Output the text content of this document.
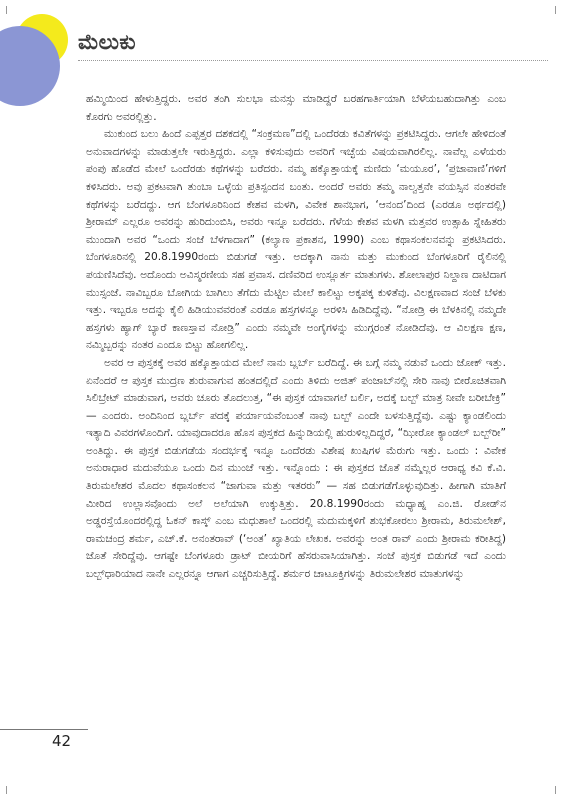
ಮೆಲುಕು

ಹಮ್ಮಿಯಿಂದ ಹೇಳುತ್ತಿದ್ದರು. ಅವರ ತಂಗಿ ಸುಲಭಾ ಮನಸ್ಸು ಮಾಡಿದ್ದರೆ ಬರಹಗಾರ್ತಿಯಾಗಿ ಬೆಳೆಯಬಹುದಾಗಿತ್ತು ಎಂಬ ಕೊರಗು ಅವರಲ್ಲಿತ್ತು.

ಮುಕುಂದ ಬಲು ಹಿಂದೆ ಎಪ್ಪತ್ತರ ದಶಕದಲ್ಲಿ “ಸಂಕ್ರಮಣ”ದಲ್ಲಿ ಒಂದೆರಡು ಕವಿತೆಗಳನ್ನು ಪ್ರಕಟಿಸಿದ್ದರು. ಆಗಲೇ ಹೇಳಿದಂತೆ ಅನುವಾದಗಳನ್ನು ಮಾಡುತ್ತಲೇ ಇರುತ್ತಿದ್ದರು. ಎಲ್ಲಾ ಕಳಿಸುವುದು ಅವರಿಗೆ ಇಚ್ಛೆಯ ವಿಷಯವಾಗಿರಲಿಲ್ಲ. ನಾವೆಲ್ಲ ಎಳೆಯರು ಪಂಪು ಹೊಡೆದ ಮೇಲೆ ಒಂದೆರಡು ಕಥೆಗಳನ್ನು ಬರೆದರು. ನಮ್ಮ ಹಕ್ಕೊತ್ತಾಯಕ್ಕೆ ಮಣಿದು ‘ಮಯೂರ’, ‘ಪ್ರಜಾವಾಣಿ’ಗಳಿಗೆ ಕಳಿಸಿದರು. ಅವು ಪ್ರಕಟವಾಗಿ ತುಂಬಾ ಒಳ್ಳೆಯ ಪ್ರತಿಸ್ಪಂದನ ಬಂತು. ಅಂದರೆ ಅವರು ತಮ್ಮ ನಾಲ್ವತ್ತನೇ ವಯಸ್ಸಿನ ನಂತರವೇ ಕಥೆಗಳನ್ನು ಬರೆದದ್ದು. ಆಗ ಬೆಂಗಳೂರಿನಿಂದ ಕೇಶವ ಮಳಗಿ, ವಿವೇಕ ಶಾನಭಾಗ, ‘ಆನಂದ’ದಿಂದ (ಎರಡೂ ಅರ್ಥದಲ್ಲಿ) ಶ್ರೀರಾಮ್ ಎಲ್ಲರೂ ಅವರನ್ನು ಹುರಿದುಂಬಿಸಿ, ಅವರು ಇನ್ನೂ ಬರೆದರು. ಗೆಳೆಯ ಕೇಶವ ಮಳಗಿ ಮತ್ತವರ ಉತ್ಸಾಹಿ ಸ್ನೇಹಿತರು ಮುಂದಾಗಿ ಅವರ “ಒಂದು ಸಂಜೆ ಬೆಳಗಾದಾಗ” (ಕಲ್ಯಾಣ ಪ್ರಕಾಶನ, 1990) ಎಂಬ ಕಥಾಸಂಕಲನವನ್ನು ಪ್ರಕಟಿಸಿದರು. ಬೆಂಗಳೂರಿನಲ್ಲಿ 20.8.1990ರಂದು ಬಿಡುಗಡೆ ಇತ್ತು. ಅದಕ್ಕಾಗಿ ನಾನು ಮತ್ತು ಮುಕುಂದ ಬೆಂಗಳೂರಿಗೆ ರೈಲಿನಲ್ಲಿ ಪಯಣಿಸಿದೆವು. ಅದೊಂದು ಅವಿಸ್ಮರಣೀಯ ಸಹ ಪ್ರವಾಸ. ದಣಿವರಿದ ಉಸ್ಲೂರ್ತ ಮಾತುಗಳು. ಶೋಲಾಪುರ ನಿಲ್ದಾಣ ದಾಟಿದಾಗ ಮುಸ್ಸಂಜೆ. ನಾವಿಬ್ಬರೂ ಬೋಗಿಯ ಬಾಗಿಲು ತೆಗೆದು ಮೆಟ್ಟಿಲ ಮೇಲೆ ಕಾಲಿಟ್ಟು ಅಕ್ಕಪಕ್ಕ ಕುಳಿತೆವು. ವಿಲಕ್ಷಣವಾದ ಸಂಜೆ ಬೆಳಕು ಇತ್ತು. ಇಬ್ಬರೂ ಅದನ್ನು ಕೈಲಿ ಹಿಡಿಯುವವರಂತೆ ಎರಡೂ ಹಸ್ತಗಳನ್ನೂ ಅರಳಿಸಿ ಹಿಡಿದಿದ್ದೆವು. “ನೋಡ್ರಿ ಈ ಬೆಳಕಿನಲ್ಲಿ ನಮ್ಮದೇ ಹಸ್ತಗಳು ಹ್ಯಾಗ್ ಬ್ಯಾರೆ ಕಾಣಸ್ತಾವ ನೋಡ್ರಿ” ಎಂದು ನಮ್ಮವೇ ಅಂಗೈಗಳನ್ನು ಮುಗ್ಗರಂತೆ ನೋಡಿದೆವು. ಆ ವಿಲಕ್ಷಣ ಕ್ಷಣ, ನಮ್ಮಿಬ್ಬರನ್ನು ನಂತರ ಎಂದೂ ಬಿಟ್ಟು ಹೋಗಲಿಲ್ಲ.

ಅವರ ಆ ಪುಸ್ತಕಕ್ಕೆ ಅವರ ಹಕ್ಕೊತ್ತಾಯದ ಮೇಲೆ ನಾನು ಬ್ಲರ್ಬ್ ಬರೆದಿದ್ದೆ. ಈ ಬಗ್ಗೆ ನಮ್ಮ ನಡುವೆ ಒಂದು ಜೋಕ್ ಇತ್ತು. ಏನೆಂದರೆ ಆ ಪುಸ್ತಕ ಮುದ್ರಣ ಶುರುವಾಗುವ ಹಂತದಲ್ಲಿದೆ ಎಂದು ತಿಳಿದು ಅಜಿತ್ ಪಂಜಾಬ್‌ನಲ್ಲಿ ಸೇರಿ ನಾವು ಬೀರೊಚಿತವಾಗಿ ಸಿಲಿಬ್ರೇಟ್ ಮಾಡುವಾಗ, ಅವರು ಚೂರು ತೊದಲುತ್ತ, “ಈ ಪುಸ್ತಕ ಯಾವಾಗಲೆ ಬರ್ಲಿ, ಅದಕ್ಕೆ ಬಲ್ಬ್ ಮಾತ್ರ ನೀವೇ ಬರೀಬೇಕ್ರಿ” — ಎಂದರು. ಅಂದಿನಿಂದ ಬ್ಲರ್ಬ್ ಪದಕ್ಕೆ ಪರ್ಯಾಯವೆಂಬಂತೆ ನಾವು ಬಲ್ಬ್ ಎಂದೇ ಬಳಸುತ್ತಿದ್ದೆವು. ಎಷ್ಟು ಕ್ಯಾಂಡಲಿಂದು ಇತ್ಯಾದಿ ವಿವರಗಳೊಂದಿಗೆ. ಯಾವುದಾದರೂ ಹೊಸ ಪುಸ್ತಕದ ಹಿನ್ನುಡಿಯಲ್ಲಿ ಹುರುಳಿಲ್ಲದಿದ್ದರೆ, “ಝೀರೋ ಕ್ಯಾಂಡಲ್ ಬಲ್ಬ್‌ರೀ” ಅಂತಿದ್ದು. ಈ ಪುಸ್ತಕ ಬಿಡುಗಡೆಯ ಸಂದರ್ಭಕ್ಕೆ ಇನ್ನೂ ಒಂದೆರಡು ವಿಶೇಷ ಖುಷಿಗಳ ಮೆರುಗು ಇತ್ತು. ಒಂದು : ವಿವೇಕ ಅನುರಾಧಾರ ಮದುವೆಯೂ ಒಂದು ದಿನ ಮುಂಚೆ ಇತ್ತು. ಇನ್ನೊಂದು : ಈ ಪುಸ್ತಕದ ಜೊತೆ ನಮ್ಮೆಲ್ಲರ ಆರಾಧ್ಯ ಕವಿ ಕೆ.ವಿ. ತಿರುಮಲೇಶರ ಮೊದಲ ಕಥಾಸಂಕಲನ “ಜಾಗುವಾ ಮತ್ತು ಇತರರು” — ಸಹ ಬಿಡುಗಡೆಗೊಳ್ಳುವುದಿತ್ತು. ಹೀಗಾಗಿ ಮಾತಿಗೆ ಮೀರಿದ ಉಲ್ಲಾಸವೊಂದು ಅಲೆ ಅಲೆಯಾಗಿ ಉಕ್ಕುತ್ತಿತ್ತು. 20.8.1990ರಂದು ಮಧ್ಯಾಹ್ನ ಎಂ.ಜಿ. ರೋಡ್‌ನ ಅಡ್ಡರಸ್ತೆಯೊಂದರಲ್ಲಿದ್ದ ಓಕನ್ ಕಾಸ್ಕ್ ಎಂಬ ಮಧುಶಾಲೆ ಒಂದರಲ್ಲಿ ಮದುಮಕ್ಕಳಿಗೆ ಶುಭಕೋರಲು ಶ್ರೀರಾಮ, ತಿರುಮಲೇಶ್, ರಾಮಚಂದ್ರ ಶರ್ಮ, ಎಚ್.ಕೆ. ಅನಂತರಾವ್ (‘ಅಂತ’ ಖ್ಯಾತಿಯ ಲೇಖಕ. ಅವರನ್ನು ಅಂತ ರಾವ್ ಎಂದು ಶ್ರೀರಾಮ ಕರೀತಿದ್ದ) ಜೊತೆ ಸೇರಿದ್ದೆವು. ಆಗಷ್ಟೇ ಬೆಂಗಳೂರು ಡ್ರಾಟ್ ಬೀಯರಿಗೆ ಹೆಸರುವಾಸಿಯಾಗಿತ್ತು. ಸಂಜೆ ಪುಸ್ತಕ ಬಿಡುಗಡೆ ಇದೆ ಎಂದು ಬಲ್ಬ್‌ಧಾರಿಯಾದ ನಾನೇ ಎಲ್ಲರನ್ನೂ ಆಗಾಗ ಎಚ್ಚರಿಸುತ್ತಿದ್ದೆ. ಶರ್ಮರ ಚಾಟೂಕ್ತಿಗಳನ್ನು ತಿರುಮಲೇಶರ ಮಾತುಗಳನ್ನು

42
